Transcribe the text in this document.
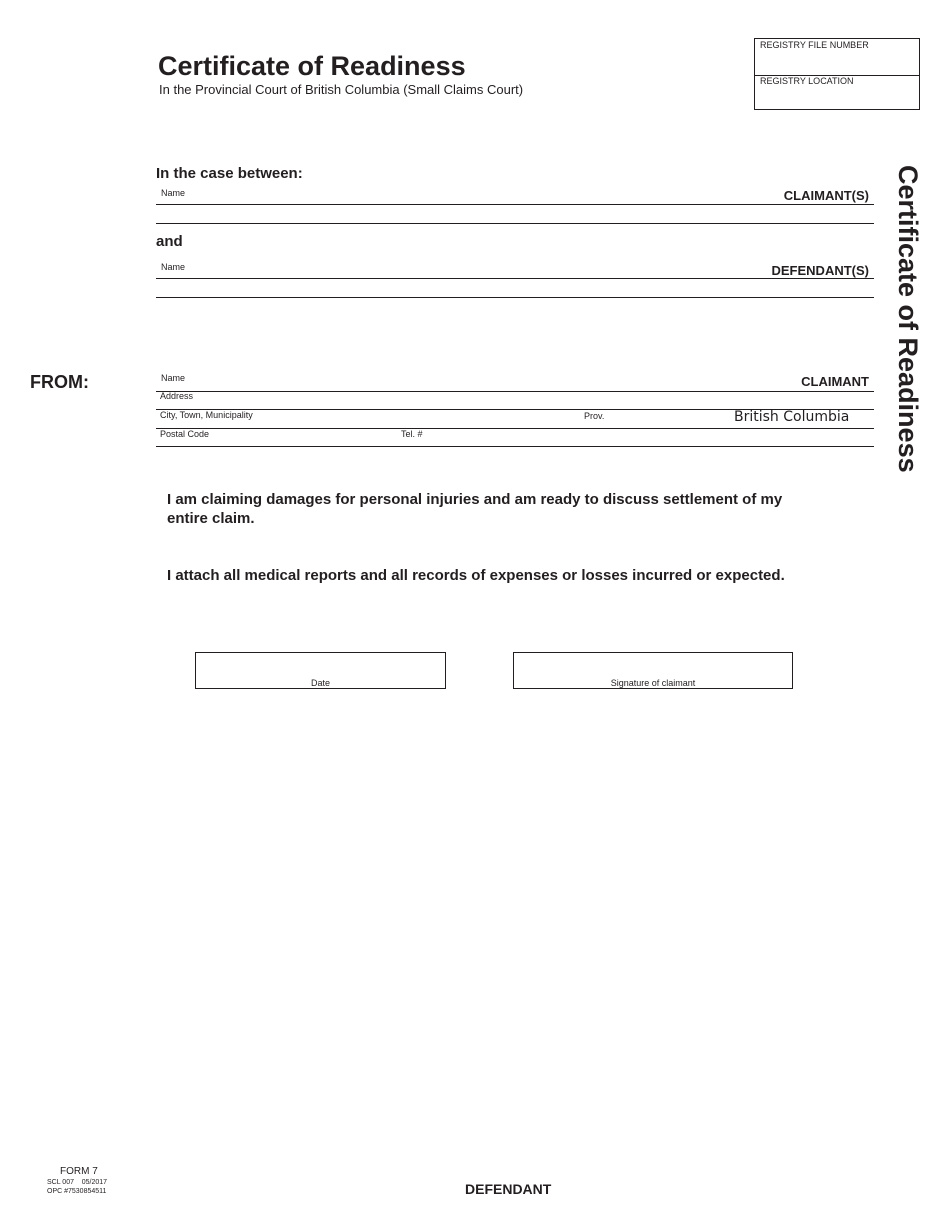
Certificate of Readiness
In the Provincial Court of British Columbia (Small Claims Court)
REGISTRY FILE NUMBER
REGISTRY LOCATION
Certificate of Readiness
In the case between:
Name	CLAIMANT(S)
and
Name	DEFENDANT(S)
FROM:	Name	CLAIMANT
Address
City, Town, Municipality	Prov.	British Columbia
Postal Code	Tel. #
I am claiming damages for personal injuries and am ready to discuss settlement of my entire claim.
I attach all medical reports and all records of expenses or losses incurred or expected.
Date	Signature of claimant
FORM 7
SCL 007    05/2017
OPC #7530854511	DEFENDANT
